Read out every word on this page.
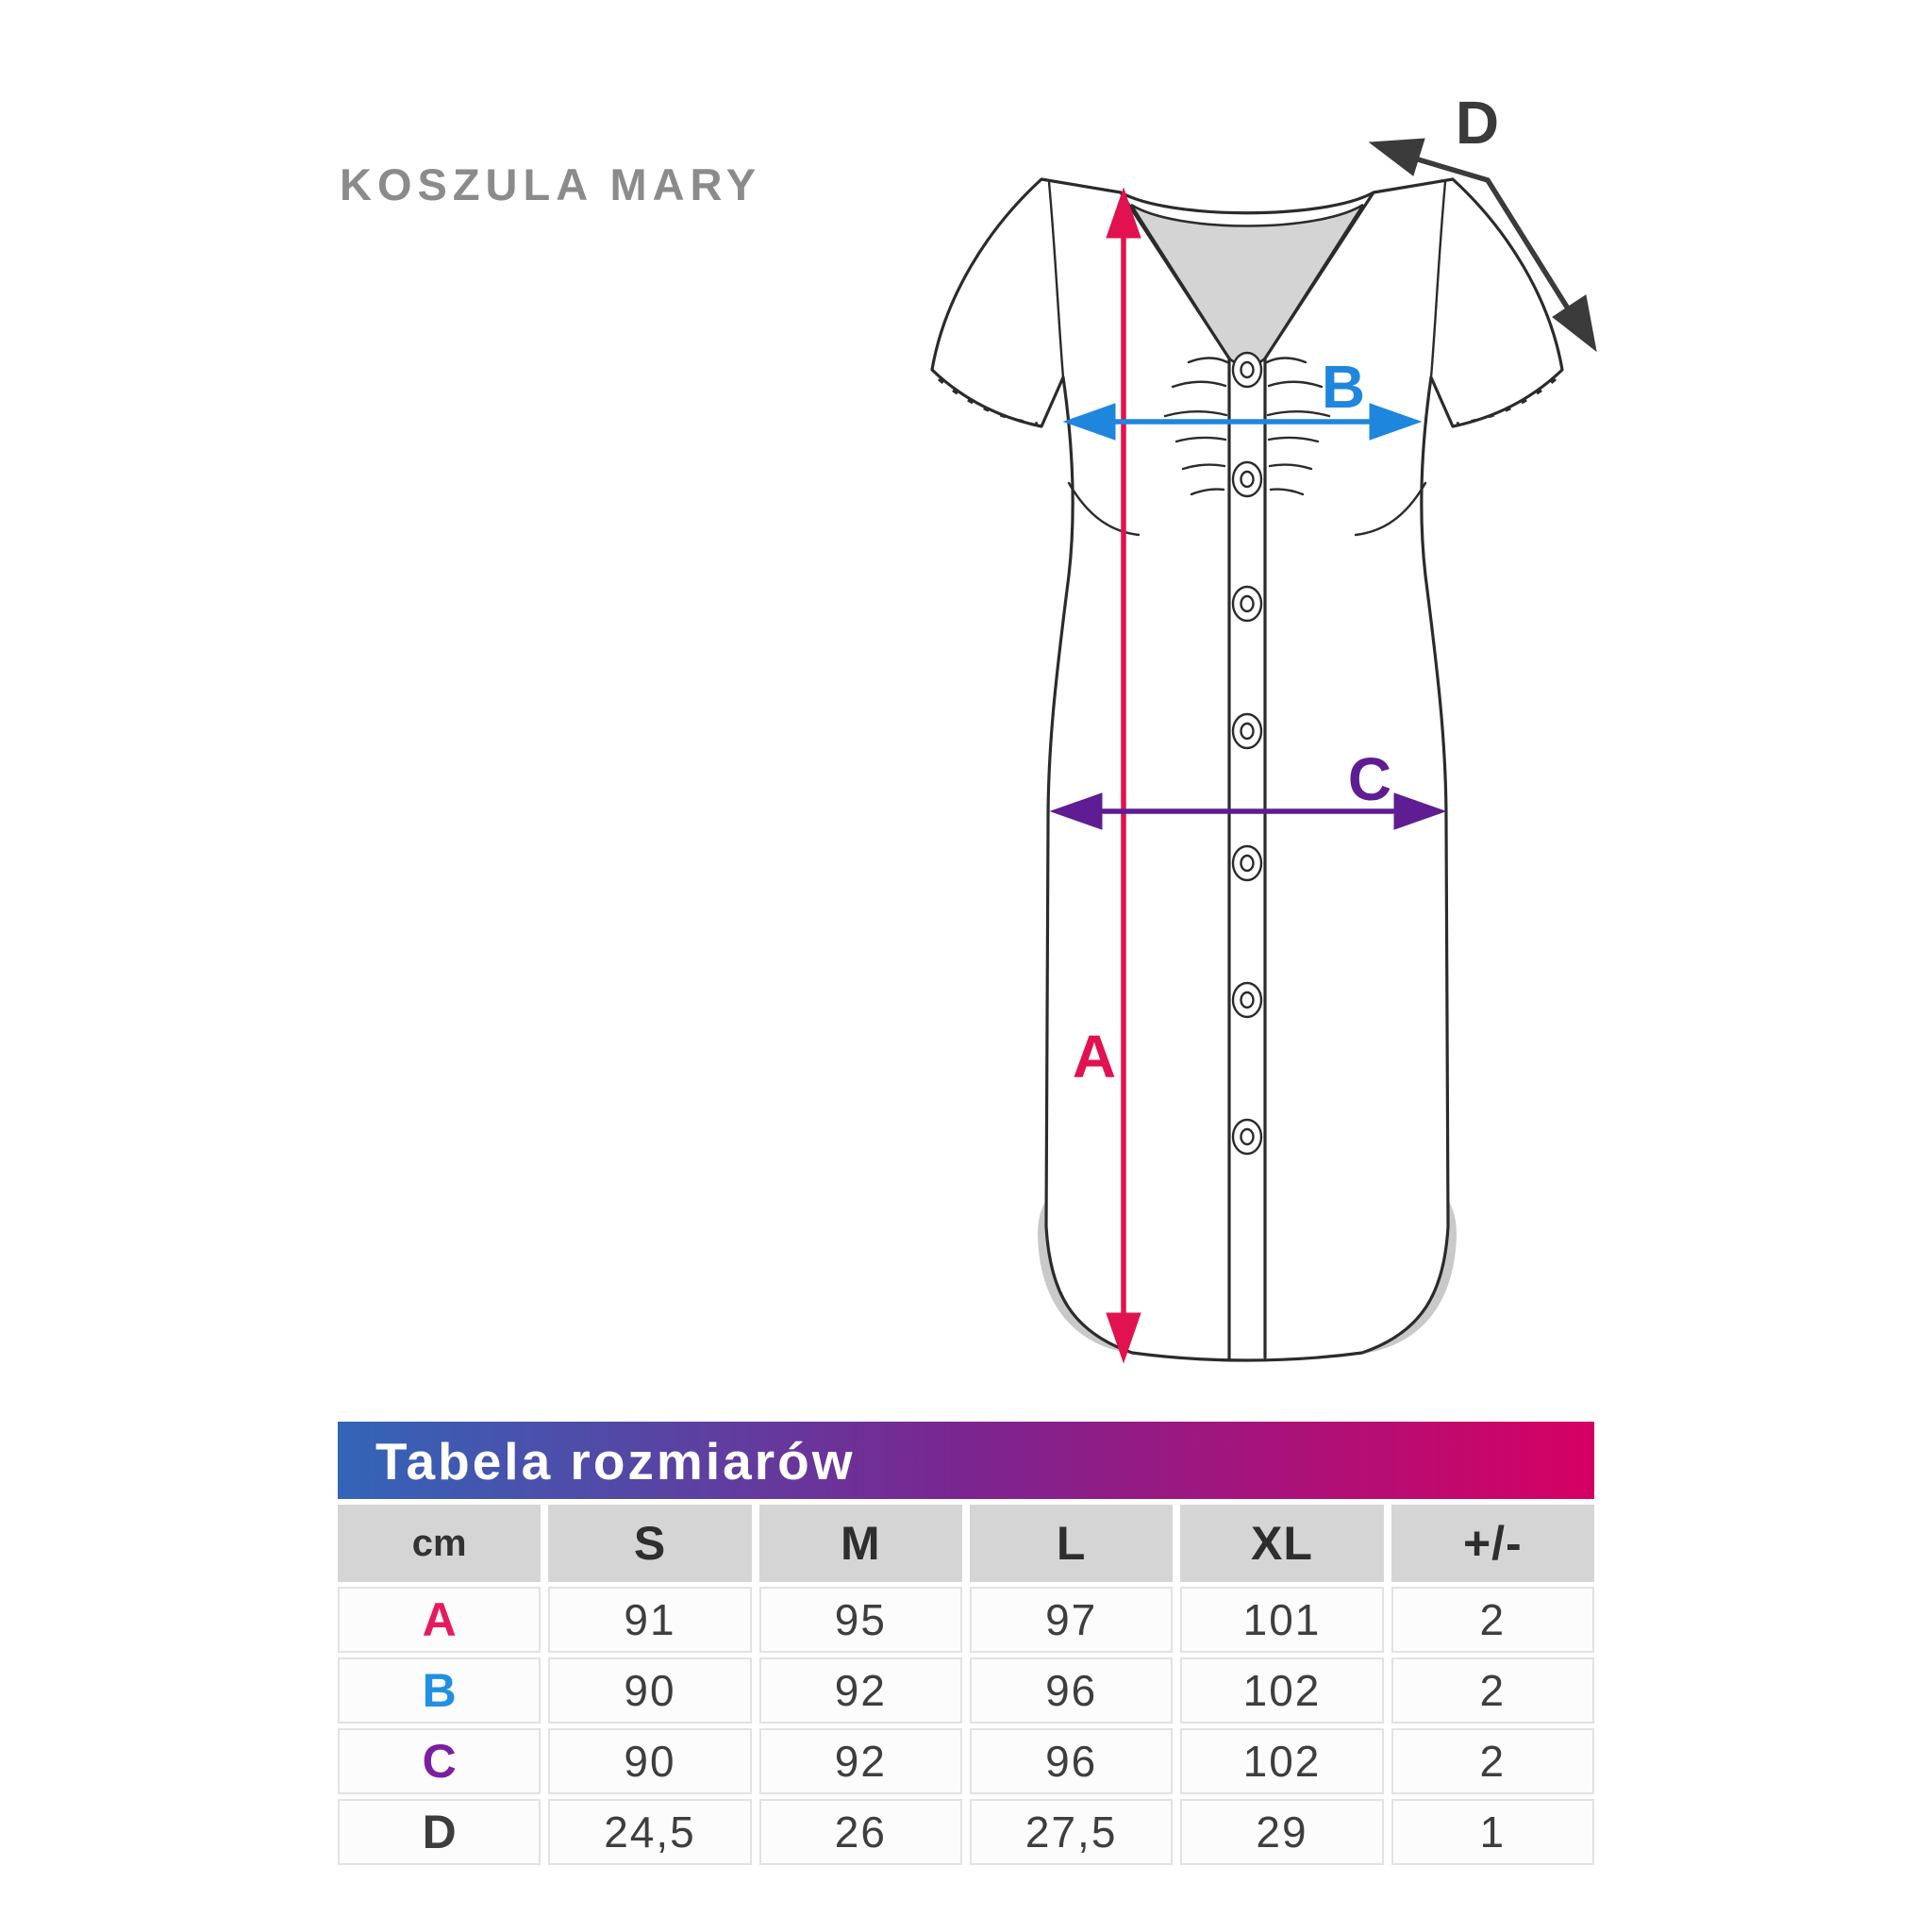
KOSZULA MARY
A
B
C
D
Tabela rozmiarów
cm	S	M	L	XL	+/-
A	91	95	97	101	2
B	90	92	96	102	2
C	90	92	96	102	2
D	24,5	26	27,5	29	1
